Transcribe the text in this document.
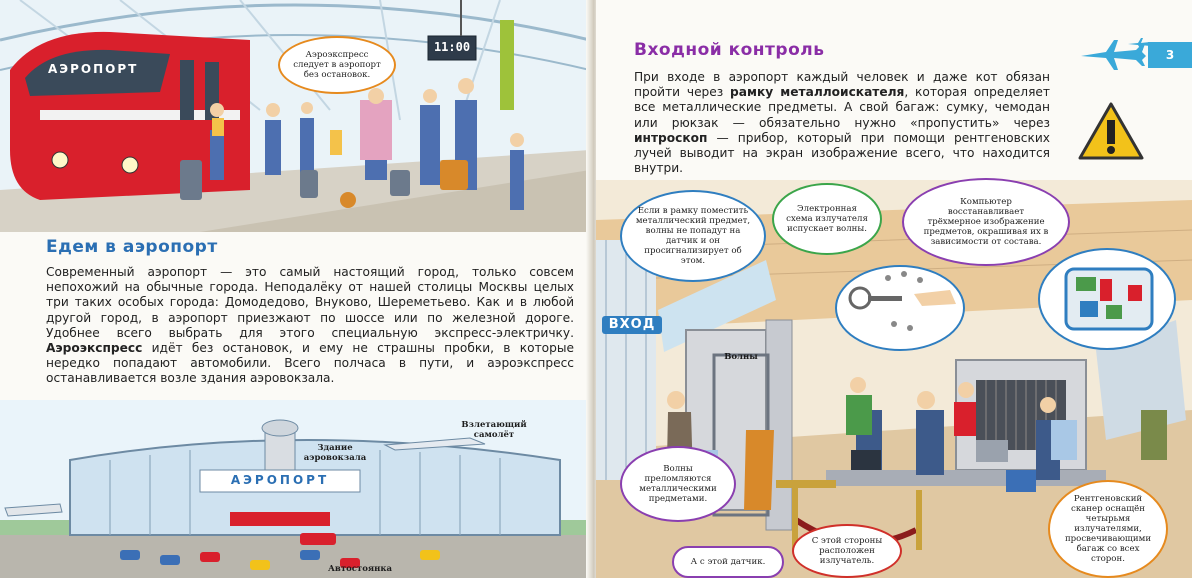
АЭРОПОРТ
11:00
Аэроэкспресс следует в аэропорт без остановок.
Едем в аэропорт

Современный аэропорт — это самый настоящий город, только совсем непохожий на обычные города. Неподалёку от нашей столицы Москвы целых три таких особых города: Домодедово, Внуково, Шереметьево. Как и в любой другой город, в аэропорт приезжают по шоссе или по железной дороге. Удобнее всего выбрать для этого специальную экспресс-электричку. Аэроэкспресс идёт без остановок, и ему не страшны пробки, в которые нередко попадают автомобили. Всего полчаса в пути, и аэроэкспресс останавливается возле здания аэровокзала.

АЭРОПОРТ
Здание аэровокзала
Взлетающий самолёт
Автостоянка
Входной контроль	3

При входе в аэропорт каждый человек и даже кот обязан пройти через рамку металлоискателя, которая определяет все металлические предметы. А свой багаж: сумку, чемодан или рюкзак — обязательно нужно «пропустить» через интроскоп — прибор, который при помощи рентгеновских лучей выводит на экран изображение всего, что находится внутри.

ВХОД
Волны
Если в рамку поместить металлический предмет, волны не попадут на датчик и он просигнализирует об этом.
Электронная схема излучателя испускает волны.
Компьютер восстанавливает трёхмерное изображение предметов, окрашивая их в зависимости от состава.
Волны преломляются металлическими предметами.
С этой стороны расположен излучатель.
А с этой датчик.
Рентгеновский сканер оснащён четырьмя излучателями, просвечивающими багаж со всех сторон.
